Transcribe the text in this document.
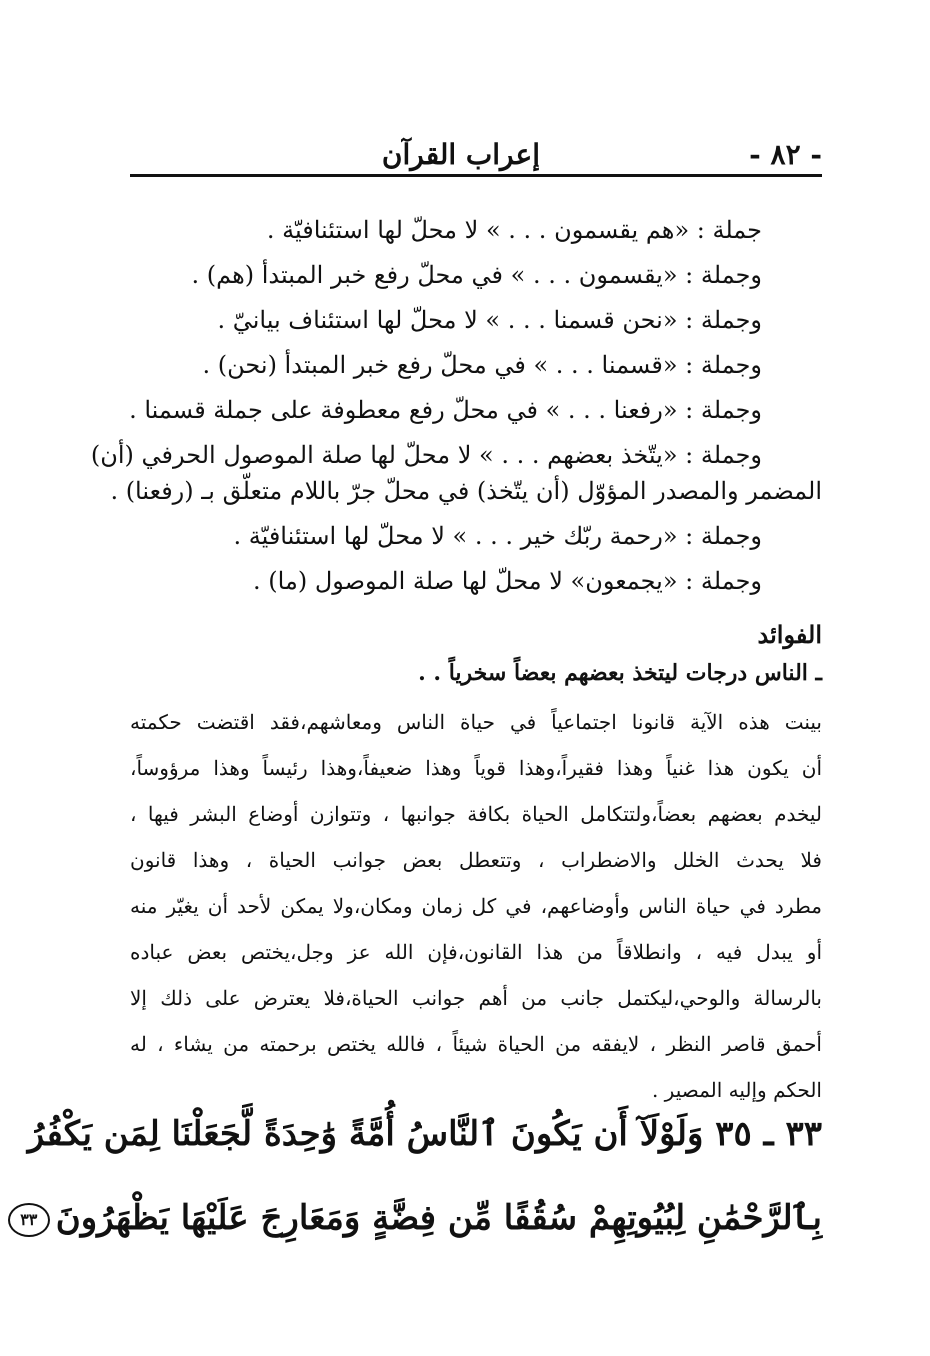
- ٨٢ -
إعراب القرآن
جملة : «هم يقسمون . . . » لا محلّ لها استئنافيّة .
وجملة : «يقسمون . . . » في محلّ رفع خبر المبتدأ (هم) .
وجملة : «نحن قسمنا . . . » لا محلّ لها استئناف بيانيّ .
وجملة : «قسمنا . . . » في محلّ رفع خبر المبتدأ (نحن) .
وجملة : «رفعنا . . . » في محلّ رفع معطوفة على جملة قسمنا .
وجملة : «يتّخذ بعضهم . . . » لا محلّ لها صلة الموصول الحرفي (أن)
المضمر والمصدر المؤوّل (أن يتّخذ) في محلّ جرّ باللام متعلّق بـ (رفعنا) .
وجملة : «رحمة ربّك خير . . . » لا محلّ لها استئنافيّة .
وجملة : «يجمعون» لا محلّ لها صلة الموصول (ما) .
الفوائد
ـ الناس درجات ليتخذ بعضهم بعضاً سخرياً . .
بينت هذه الآية قانونا اجتماعياً في حياة الناس ومعاشهم،فقد اقتضت حكمته
أن يكون هذا غنياً وهذا فقيراً،وهذا قوياً وهذا ضعيفاً،وهذا رئيساً وهذا مرؤوساً،
ليخدم بعضهم بعضاً،ولتتكامل الحياة بكافة جوانبها ، وتتوازن أوضاع البشر فيها ،
فلا يحدث الخلل والاضطراب ، وتتعطل بعض جوانب الحياة ، وهذا قانون
مطرد في حياة الناس وأوضاعهم، في كل زمان ومكان،ولا يمكن لأحد أن يغيّر منه
أو يبدل فيه ، وانطلاقاً من هذا القانون،فإن الله عز وجل،يختص بعض عباده
بالرسالة والوحي،ليكتمل جانب من أهم جوانب الحياة،فلا يعترض على ذلك إلا
أحمق قاصر النظر ، لايفقه من الحياة شيئاً ، فالله يختص برحمته من يشاء ، له
الحكم وإليه المصير .
٣٣ ـ ٣٥ وَلَوْلَآ أَن يَكُونَ ٱلنَّاسُ أُمَّةً وَٰحِدَةً لَّجَعَلْنَا لِمَن يَكْفُرُ
بِٱلرَّحْمَٰنِ لِبُيُوتِهِمْ سُقُفًا مِّن فِضَّةٍ وَمَعَارِجَ عَلَيْهَا يَظْهَرُونَ٣٣
